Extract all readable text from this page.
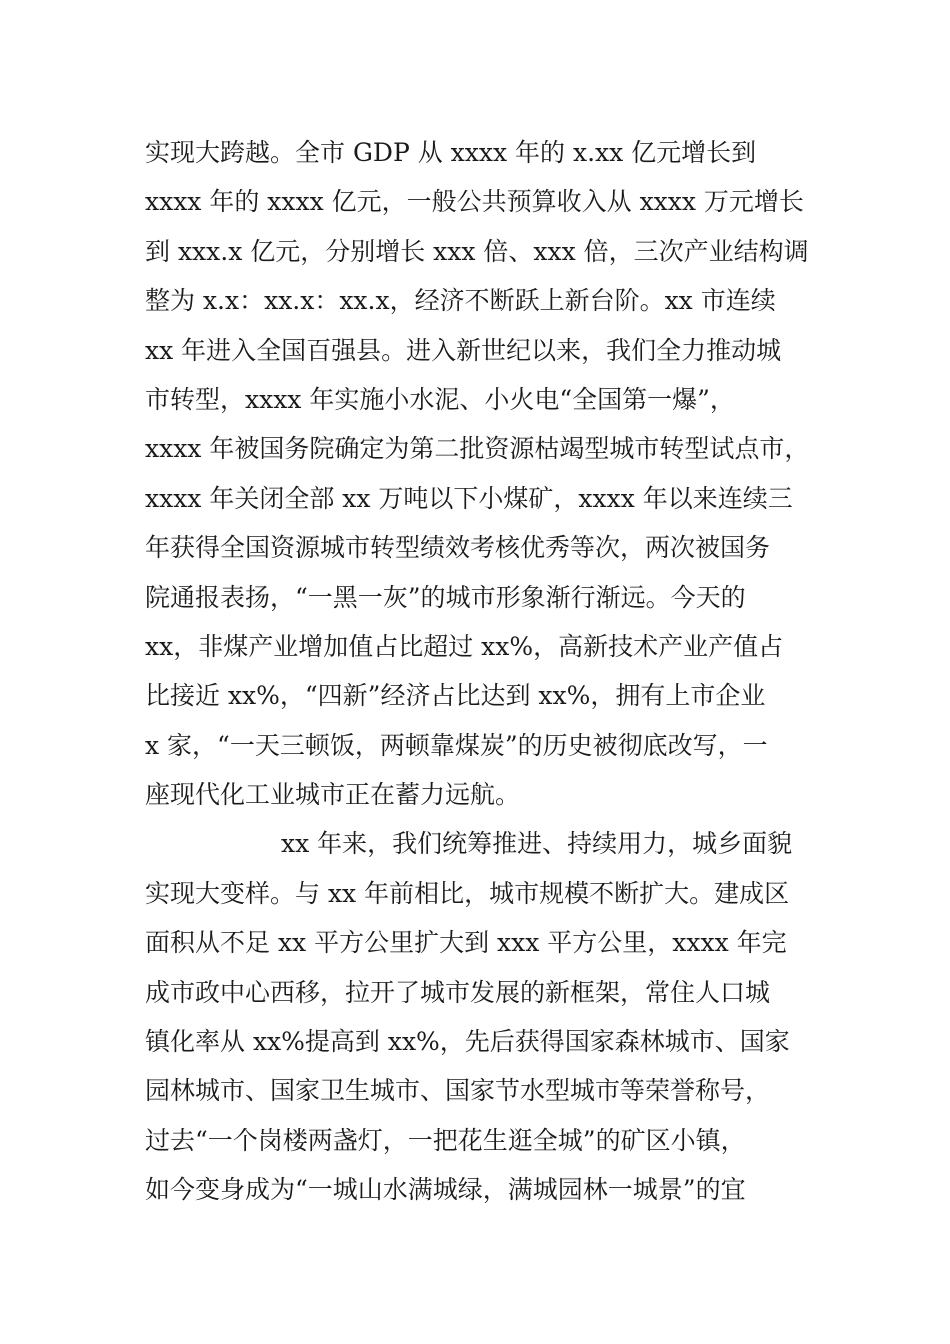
实现大跨越。全市 GDP 从 xxxx 年的 x.xx 亿元增长到
xxxx 年的 xxxx 亿元，一般公共预算收入从 xxxx 万元增长
到 xxx.x 亿元，分别增长 xxx 倍、xxx 倍，三次产业结构调
整为 x.x：xx.x：xx.x，经济不断跃上新台阶。xx 市连续
xx 年进入全国百强县。进入新世纪以来，我们全力推动城
市转型，xxxx 年实施小水泥、小火电“全国第一爆”，
xxxx 年被国务院确定为第二批资源枯竭型城市转型试点市，
xxxx 年关闭全部 xx 万吨以下小煤矿，xxxx 年以来连续三
年获得全国资源城市转型绩效考核优秀等次，两次被国务
院通报表扬，“一黑一灰”的城市形象渐行渐远。今天的
xx，非煤产业增加值占比超过 xx%，高新技术产业产值占
比接近 xx%，“四新”经济占比达到 xx%，拥有上市企业
x 家，“一天三顿饭，两顿靠煤炭”的历史被彻底改写，一
座现代化工业城市正在蓄力远航。
xx 年来，我们统筹推进、持续用力，城乡面貌
实现大变样。与 xx 年前相比，城市规模不断扩大。建成区
面积从不足 xx 平方公里扩大到 xxx 平方公里，xxxx 年完
成市政中心西移，拉开了城市发展的新框架，常住人口城
镇化率从 xx%提高到 xx%，先后获得国家森林城市、国家
园林城市、国家卫生城市、国家节水型城市等荣誉称号，
过去“一个岗楼两盏灯，一把花生逛全城”的矿区小镇，
如今变身成为“一城山水满城绿，满城园林一城景”的宜
